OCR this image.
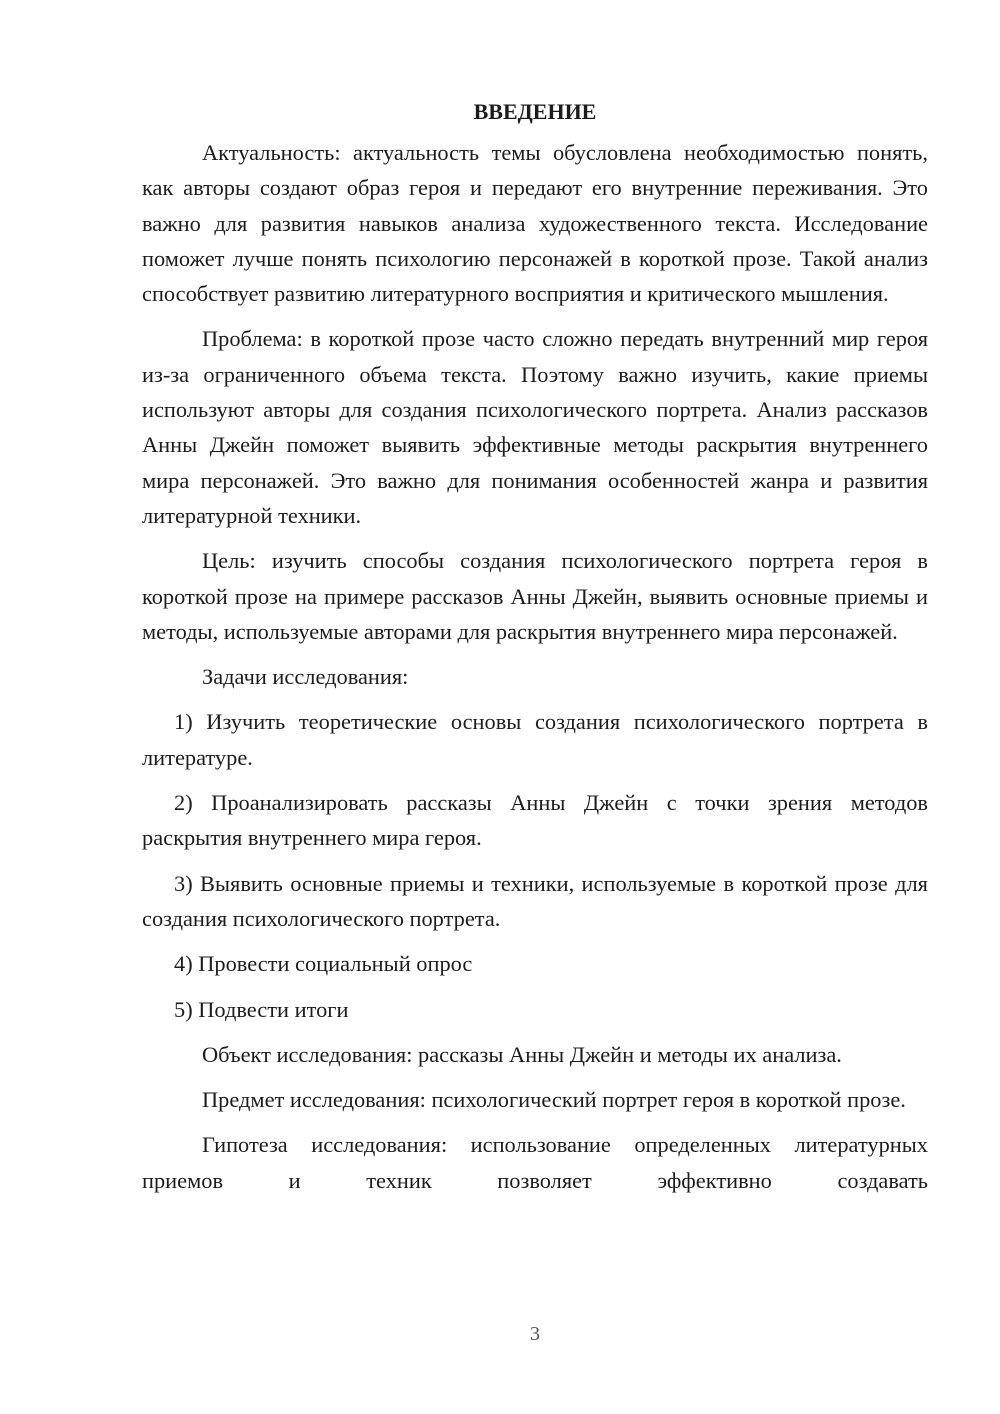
ВВЕДЕНИЕ

Актуальность: актуальность темы обусловлена необходимостью понять, как авторы создают образ героя и передают его внутренние переживания. Это важно для развития навыков анализа художественного текста. Исследование поможет лучше понять психологию персонажей в короткой прозе. Такой анализ способствует развитию литературного восприятия и критического мышления.

Проблема: в короткой прозе часто сложно передать внутренний мир героя из-за ограниченного объема текста. Поэтому важно изучить, какие приемы используют авторы для создания психологического портрета. Анализ рассказов Анны Джейн поможет выявить эффективные методы раскрытия внутреннего мира персонажей. Это важно для понимания особенностей жанра и развития литературной техники.

Цель: изучить способы создания психологического портрета героя в короткой прозе на примере рассказов Анны Джейн, выявить основные приемы и методы, используемые авторами для раскрытия внутреннего мира персонажей.

Задачи исследования:

1) Изучить теоретические основы создания психологического портрета в литературе.

2) Проанализировать рассказы Анны Джейн с точки зрения методов раскрытия внутреннего мира героя.

3) Выявить основные приемы и техники, используемые в короткой прозе для создания психологического портрета.

4) Провести социальный опрос

5) Подвести итоги

Объект исследования: рассказы Анны Джейн и методы их анализа.

Предмет исследования: психологический портрет героя в короткой прозе.

Гипотеза исследования: использование определенных литературных приемов и техник позволяет эффективно создавать

3
